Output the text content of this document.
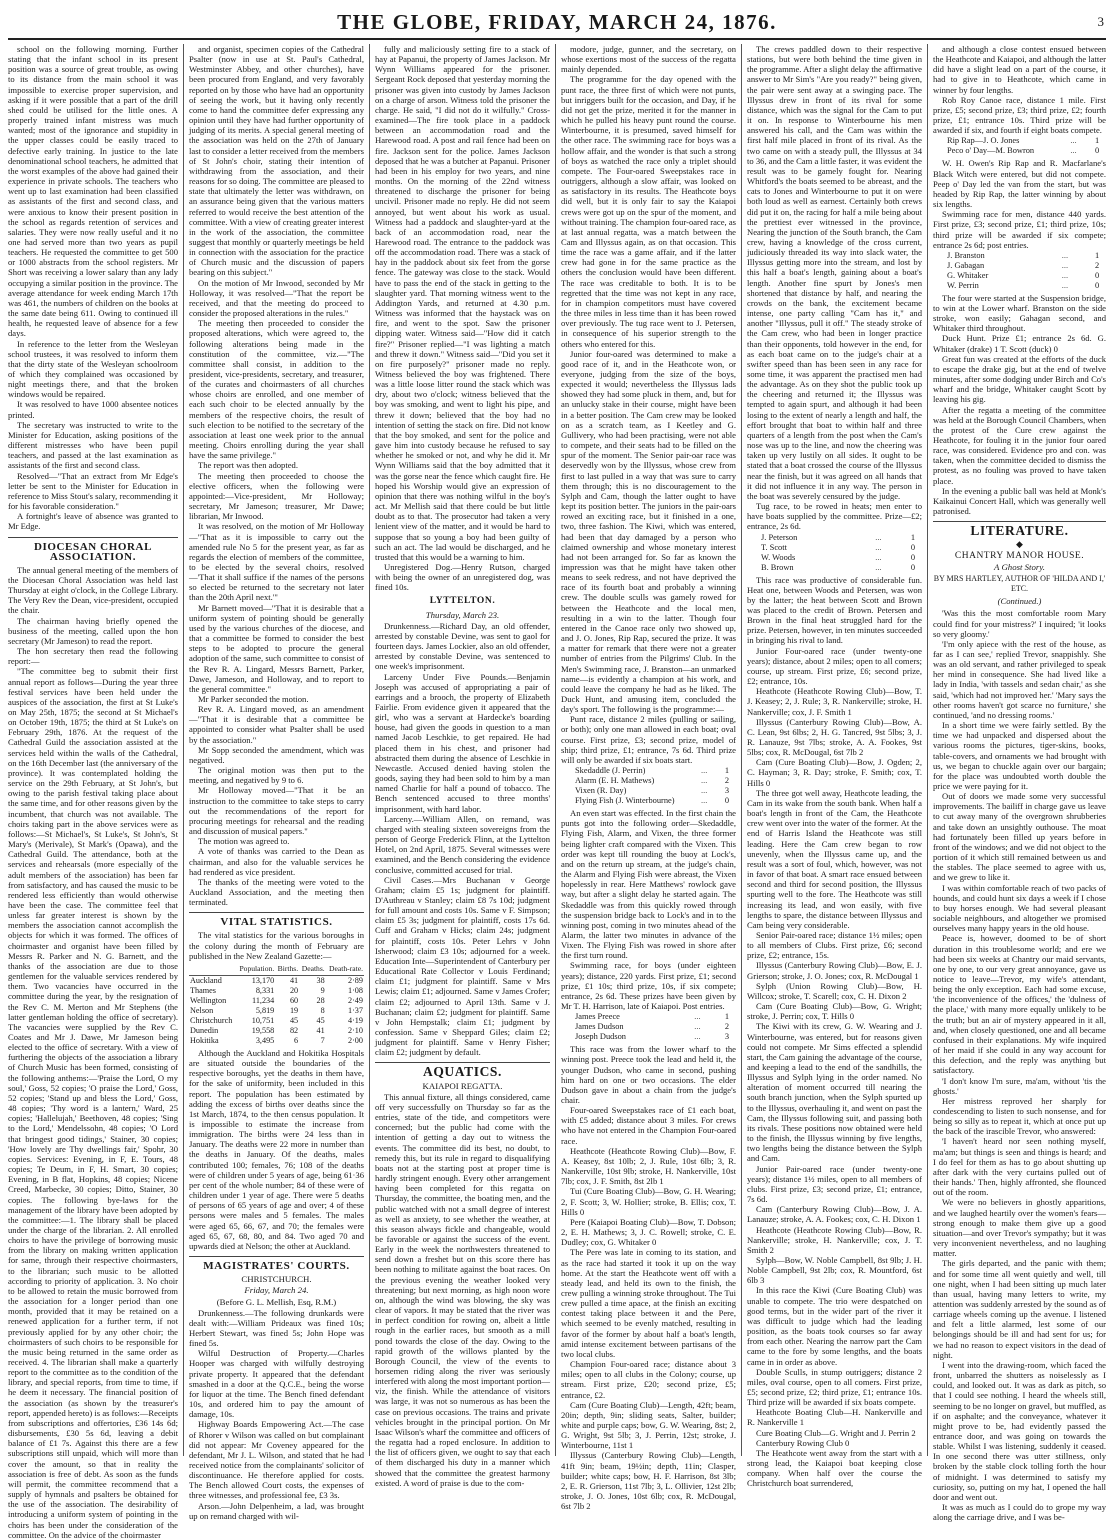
THE GLOBE, FRIDAY, MARCH 24, 1876.	3

school on the following morning. Further stating that the infant school in its present position was a source of great trouble, as owing to its distance from the main school it was impossible to exercise proper supervision, and asking if it were possible that a part of the drill shed could be utilised for the little ones. A properly trained infant mistress was much wanted; most of the ignorance and stupidity in the upper classes could be easily traced to defective early training. In justice to the late denominational school teachers, he admitted that the worst examples of the above had gained their experience in private schools. The teachers who went up to last examination had been classified as assistants of the first and second class, and were anxious to know their present position in the school as regards retention of services and salaries. They were now really useful and it no one had served more than two years as pupil teachers. He requested the committee to get 500 or 1000 abstracts from the school registers. Mr Short was receiving a lower salary than any lady occupying a similar position in the province. The average attendance for week ending March 17th was 461, the numbers of children on the books at the same date being 611. Owing to continued ill health, he requested leave of absence for a few days.

In reference to the letter from the Wesleyan school trustees, it was resolved to inform them that the dirty state of the Wesleyan schoolroom of which they complained was occasioned by night meetings there, and that the broken windows would be repaired.

It was resolved to have 1000 absentee notices printed.

The secretary was instructed to write to the Minister for Education, asking positions of the different mistresses who have been pupil teachers, and passed at the last examination as assistants of the first and second class.

Resolved—"That an extract from Mr Edge's letter be sent to the Minister for Education in reference to Miss Stout's salary, recommending it for his favorable consideration."

A fortnight's leave of absence was granted to Mr Edge.

DIOCESAN CHORAL ASSOCIATION.

The annual general meeting of the members of the Diocesan Choral Association was held last Thursday at eight o'clock, in the College Library. The Very Rev the Dean, vice-president, occupied the chair.

The chairman having briefly opened the business of the meeting, called upon the hon secretary (Mr Jameson) to read the report.

The hon secretary then read the following report:—

"The committee beg to submit their first annual report as follows—During the year three festival services have been held under the auspices of the association, the first at St Luke's on May 25th, 1875; the second at St Michael's on October 19th, 1875; the third at St Luke's on February 29th, 1876. At the request of the Cathedral Guild the association assisted at the services held within the walls of the Cathedral, on the 16th December last (the anniversary of the province). It was contemplated holding the service on the 29th February, at St John's, but owing to the parish festival taking place about the same time, and for other reasons given by the incumbent, that church was not available. The choirs taking part in the above services were as follows:—St Michael's, St Luke's, St John's, St Mary's (Merivale), St Mark's (Opawa), and the Cathedral Guild. The attendance, both at the services and rehearsals (more especially of the adult members of the association) has been far from satisfactory, and has caused the music to be rendered less efficiently than would otherwise have been the case. The committee feel that unless far greater interest is shown by the members the association cannot accomplish the objects for which it was formed. The offices of choirmaster and organist have been filled by Messrs R. Parker and N. G. Barnett, and the thanks of the association are due to those gentlemen for the valuable services rendered by them. Two vacancies have occurred in the committee during the year, by the resignation of the Rev C. M. Merton and Mr Stephens (the latter gentleman holding the office of secretary). The vacancies were supplied by the Rev C. Coates and Mr J. Dawe, Mr Jameson being elected to the office of secretary. With a view of furthering the objects of the association a library of Church Music has been formed, consisting of the following anthems:—'Praise the Lord, O my soul,' Goss, 52 copies; 'O praise the Lord,' Goss, 52 copies; 'Stand up and bless the Lord,' Goss, 48 copies; 'Thy word is a lantern,' Ward, 25 copies; 'Hallelujah,' Beethoven, 48 copies; 'Sing to the Lord,' Mendelssohn, 48 copies; 'O Lord that bringest good tidings,' Stainer, 30 copies; 'How lovely are Thy dwellings fair,' Spohr, 30 copies. Services: Evening, in F, E. Tours, 48 copies; Te Deum, in F, H. Smart, 30 copies; Evening, in B flat, Hopkins, 48 copies; Nicene Creed, Marbecke, 30 copies; Ditto, Stainer, 30 copies. The following bye-laws for the management of the library have been adopted by the committee:—1. The library shall be placed under the charge of the librarian. 2. All enrolled choirs to have the privilege of borrowing music from the library on making written application for same, through their respective choirmasters, to the librarian; such music to be allotted according to priority of application. 3. No choir to be allowed to retain the music borrowed from the association for a longer period than one month, provided that it may be retained on a renewed application for a further term, if not previously applied for by any other choir; the choirmasters of such choirs to be responsible for the music being returned in the same order as received. 4. The librarian shall make a quarterly report to the committee as to the condition of the library, and special reports, from time to time, if he deem it necessary. The financial position of the association (as shown by the treasurer's report, appended hereto) is as follows:—Receipts from subscriptions and offertories, £36 14s 6d; disbursements, £30 5s 6d, leaving a debit balance of £1 7s. Against this there are a few subscriptions still unpaid, which will more than cover the amount, so that in reality the association is free of debt. As soon as the funds will permit, the committee recommend that a supply of hymnals and psalters be obtained for the use of the association. The desirability of introducing a uniform system of pointing in the choirs has been under the consideration of the committee. On the advice of the choirmaster

and organist, specimen copies of the Cathedral Psalter (now in use at St. Paul's Cathedral, Westminster Abbey, and other churches), have been procured from England, and very favorably reported on by those who have had an opportunity of seeing the work, but it having only recently come to hand the committee defer expressing any opinion until they have had further opportunity of judging of its merits. A special general meeting of the association was held on the 27th of January last to consider a letter received from the members of St John's choir, stating their intention of withdrawing from the association, and their reasons for so doing. The committee are pleased to state that ultimately the letter was withdrawn, on an assurance being given that the various matters referred to would receive the best attention of the committee. With a view of creating greater interest in the work of the association, the committee suggest that monthly or quarterly meetings be held in connection with the association for the practice of Church music and the discussion of papers bearing on this subject."

On the motion of Mr Inwood, seconded by Mr Holloway, it was resolved—"That the report be received, and that the meeting do proceed to consider the proposed alterations in the rules."

The meeting then proceeded to consider the proposed alterations, which were agreed to, the following alterations being made in the constitution of the committee, viz.—"The committee shall consist, in addition to the president, vice-presidents, secretary, and treasurer, of the curates and choirmasters of all churches whose choirs are enrolled, and one member of each such choir to be elected annually by the members of the respective choirs, the result of such election to be notified to the secretary of the association at least one week prior to the annual meeting. Choirs enrolling during the year shall have the same privilege."

The report was then adopted.

The meeting then proceeded to choose the elective officers, when the following were appointed:—Vice-president, Mr Holloway; secretary, Mr Jameson; treasurer, Mr Dawe; librarian, Mr Inwood.

It was resolved, on the motion of Mr Holloway—"That as it is impossible to carry out the amended rule No 5 for the present year, as far as regards the election of members of the committee, to be elected by the several choirs, resolved—'That it shall suffice if the names of the persons so elected be returned to the secretary not later than the 20th April next.'"

Mr Barnett moved—"That it is desirable that a uniform system of pointing should be generally used by the various churches of the diocese, and that a committee be formed to consider the best steps to be adopted to procure the general adoption of the same, such committee to consist of the Rev R. A. Lingard, Messrs Barnett, Parker, Dawe, Jameson, and Holloway, and to report to the general committee."

Mr Parker seconded the motion.

Rev R. A. Lingard moved, as an amendment—"That it is desirable that a committee be appointed to consider what Psalter shall be used by the association."

Mr Sopp seconded the amendment, which was negatived.

The original motion was then put to the meeting, and negatived by 9 to 6.

Mr Holloway moved—"That it be an instruction to the committee to take steps to carry out the recommendations of the report for procuring meetings for rehearsal and the reading and discussion of musical papers."

The motion was agreed to.

A vote of thanks was carried to the Dean as chairman, and also for the valuable services he had rendered as vice president.

The thanks of the meeting were voted to the Auckland Association, and the meeting then terminated.

VITAL STATISTICS.

The vital statistics for the various boroughs in the colony during the month of February are published in the New Zealand Gazette:—

	Population.	Births.	Deaths.	Death-rate.
Auckland	13,170	41	38	2·89
Thames	8,331	20	9	1·08
Wellington	11,234	60	28	2·49
Nelson	5,819	19	8	1·37
Christchurch	10,751	45	45	4·19
Dunedin	19,558	82	41	2·10
Hokitika	3,495	6	7	2·00

Although the Auckland and Hokitika Hospitals are situated outside the boundaries of the respective boroughs, yet the deaths in them have, for the sake of uniformity, been included in this report. The population has been estimated by adding the excess of births over deaths since the 1st March, 1874, to the then census population. It is impossible to estimate the increase from immigration. The births were 24 less than in January. The deaths were 22 more in number than the deaths in January. Of the deaths, males contributed 100; females, 76; 108 of the deaths were of children under 5 years of age, being 61·36 per cent of the whole number; 84 of these were of children under 1 year of age. There were 5 deaths of persons of 65 years of age and over; 4 of these persons were males and 5 females. The males were aged 65, 66, 67, and 70; the females were aged 65, 67, 68, 80, and 84. Two aged 70 and upwards died at Nelson; the other at Auckland.

MAGISTRATES' COURTS.
CHRISTCHURCH.
Friday, March 24.
(Before G. L. Mellish, Esq, R.M.)

Drunkenness.—The following drunkards were dealt with:—William Prideaux was fined 10s; Herbert Stewart, was fined 5s; John Hope was fined 5s.

Wilful Destruction of Property.—Charles Hooper was charged with wilfully destroying private property. It appeared that the defendant smashed in a door at the Q.C.E., being the worse for liquor at the time. The Bench fined defendant 10s, and ordered him to pay the amount of damage, 10s.

Highway Boards Empowering Act.—The case of Rhorer v Wilson was called on but complainant did not appear: Mr Coveney appeared for the defendant, Mr J. L. Wilson, and stated that he had received notice from the complainants' solicitor of discontinuance. He therefore applied for costs. The Bench allowed Court costs, the expenses of three witnesses, and professional fee, £3 3s.

Arson.—John Delpenheim, a lad, was brought up on remand charged with wil-

fully and maliciously setting fire to a stack of hay at Papanui, the property of James Jackson. Mr Wynn Williams appeared for the prisoner. Sergeant Rock deposed that yesterday morning the prisoner was given into custody by James Jackson on a charge of arson. Witness told the prisoner the charge. He said, "I did not do it wilfully." Cross-examined—The fire took place in a paddock between an accommodation road and the Harewood road. A post and rail fence had been on fire. Jackson sent for the police. James Jackson deposed that he was a butcher at Papanui. Prisoner had been in his employ for two years, and nine months. On the morning of the 22nd witness threatened to discharge the prisoner for being uncivil. Prisoner made no reply. He did not seem annoyed, but went about his work as usual. Witness had a paddock and slaughter-yard at the back of an accommodation road, near the Harewood road. The entrance to the paddock was off the accommodation road. There was a stack of hay in the paddock about six feet from the gorse fence. The gateway was close to the stack. Would have to pass the end of the stack in getting to the slaughter yard. That morning witness went to the Addington Yards, and returned at 4.30 p.m. Witness was informed that the haystack was on fire, and went to the spot. Saw the prisoner dipping water. Witness said—"How did it catch fire?" Prisoner replied—"I was lighting a match and threw it down." Witness said—"Did you set it on fire purposely?" prisoner made no reply. Witness believed the boy was frightened. There was a little loose litter round the stack which was dry, about two o'clock; witness believed that the boy was smoking, and went to light his pipe, and threw it down; believed that the boy had no intention of setting the stack on fire. Did not know that the boy smoked, and sent for the police and gave him into custody because he refused to say whether he smoked or not, and why he did it. Mr Wynn Williams said that the boy admitted that it was the gorse near the fence which caught fire. He hoped his Worship would give an expression of opinion that there was nothing wilful in the boy's act. Mr Mellish said that there could be but little doubt as to that. The prosecutor had taken a very lenient view of the matter, and it would be hard to suppose that so young a boy had been guilty of such an act. The lad would be discharged, and he trusted that this would be a warning to him.

Unregistered Dog.—Henry Rutson, charged with being the owner of an unregistered dog, was fined 10s.

LYTTELTON.
Thursday, March 23.

Drunkenness.—Richard Day, an old offender, arrested by constable Devine, was sent to gaol for fourteen days. James Lockier, also an old offender, arrested by constable Devine, was sentenced to one week's imprisonment.

Larceny Under Five Pounds.—Benjamin Joseph was accused of appropriating a pair of earrings and a brooch, the property of Elizabeth Fairlie. From evidence given it appeared that the girl, who was a servant at Hardecke's boarding house, had given the goods in question to a man named Jacob Leschkie, to get repaired. He had placed them in his chest, and prisoner had abstracted them during the absence of Leschkie in Newcastle. Accused denied having stolen the goods, saying they had been sold to him by a man named Charlie for half a pound of tobacco. The Bench sentenced accused to three months' imprisonment, with hard labor.

Larceny.—William Allen, on remand, was charged with stealing sixteen sovereigns from the person of George Frederick Flinn, at the Lyttelton Hotel, on 2nd April, 1875. Several witnesses were examined, and the Bench considering the evidence conclusive, committed accused for trial.

Civil Cases.—Mrs Buchanan v George Graham; claim £5 1s; judgment for plaintiff. D'Authreau v Stanley; claim £8 7s 10d; judgment for full amount and costs 10s. Same v F. Simpson; claim £5 3s; judgment for plaintiff, costs 17s 6d. Cuff and Graham v Hicks; claim 24s; judgment for plaintiff, costs 10s. Peter Lehrs v John Isherwood; claim £3 10s; adjourned for a week. Education Inte—Superintendent of Canterbury per Educational Rate Collector v Louis Ferdinand; claim £1; judgment for plaintiff. Same v Mrs Lewis; claim £1; adjourned. Same v James Crofer; claim £2; adjourned to April 13th. Same v J. Buchanan; claim £2; judgment for plaintiff. Same v John Hempstalk; claim £1; judgment by confession. Same v Sheppard Giles; claim £2; judgment for plaintiff. Same v Henry Fisher; claim £2; judgment by default.

AQUATICS.
KAIAPOI REGATTA.

This annual fixture, all things considered, came off very successfully on Thursday so far as the entries, state of the tide, and competitors were concerned; but the public had come with the intention of getting a day out to witness the events. The committee did its best, no doubt, to remedy this, but its rule in regard to disqualifying boats not at the starting post at proper time is hardly stringent enough. Every other arrangement having been completed for this regatta on Thursday, the committee, the boating men, and the public watched with not a small degree of interest as well as anxiety, to see whether the weather, at this season always fickle and changeable, would be favorable or against the success of the event. Early in the week the northwesters threatened to send down a freshet but on this score there has been nothing to militate against the boat races. On the previous evening the weather looked very threatening; but next morning, as high noon wore on, although the wind was blowing, the sky was clear of vapors. It may be stated that the river was in perfect condition for rowing on, albeit a little rough in the earlier races, but smooth as a mill pond towards the close of the day. Owing to the rapid growth of the willows planted by the Borough Council, the view of the events to horsemen riding along the river was seriously interfered with along the most important portion—viz, the finish. While the attendance of visitors was large, it was not so numerous as has been the case on previous occasions. The trains and private vehicles brought in the principal portion. On Mr Isaac Wilson's wharf the committee and officers of the regatta had a roped enclosure. In addition to the list of officers given, we ought to say that each of them discharged his duty in a manner which showed that the committee the greatest harmony existed. A word of praise is due to the com-

modore, judge, gunner, and the secretary, on whose exertions most of the success of the regatta mainly depended.

The programme for the day opened with the punt race, the three first of which were not punts, but inriggers built for the occasion, and Day, if he did not get the prize, merited it for the manner in which he pulled his heavy punt round the course. Winterbourne, it is presumed, saved himself for the other race. The swimming race for boys was a hollow affair, and the wonder is that such a strong of boys as watched the race only a triplet should compete. The Four-oared Sweepstakes race in outriggers, although a slow affair, was looked on as satisfactory in its results. The Heathcote boys did well, but it is only fair to say the Kaiapoi crews were got up on the spur of the moment, and without training. The champion four-oared race, as at last annual regatta, was a match between the Cam and Illyssus again, as on that occasion. This time the race was a game affair, and if the latter crew had gone in for the same practice as the others the conclusion would have been different. The race was creditable to both. It is to be regretted that the time was not kept in any race, for in champion competitors must have covered the three miles in less time than it has been rowed over previously. The tug race went to J. Petersen, in consequence of his superior strength to the others who entered for this.

Junior four-oared was determined to make a good race of it, and in the Heathcote won, or everyone, judging from the size of the boys, expected it would; nevertheless the Illyssus lads showed they had some pluck in them, and, but for an unlucky stake in their course, might have been in a better position. The Cam crew may be looked on as a scratch team, as I Keetley and G. Gullivery, who had been practising, were not able to compete, and their seats had to be filled on the spur of the moment. The Senior pair-oar race was deservedly won by the Illyssus, whose crew from first to last pulled in a way that was sure to carry them through; this is no discouragement to the Sylph and Cam, though the latter ought to have kept its position better. The juniors in the pair-oars rowed an exciting race, but it finished in a one, two, three fashion. The Kiwi, which was entered, had been that day damaged by a person who claimed ownership and whose monetary interest had not been arranged for. So far as known the impression was that he might have taken other means to seek redress, and not have deprived the race of its fourth boat and probably a winning crew. The double sculls was gamely rowed for between the Heathcote and the local men, resulting in a win to the latter. Though four entered in the Canoe race only two showed up, and J. O. Jones, Rip Rap, secured the prize. It was a matter for remark that there were not a greater number of entries from the Pilgrims' Club. In the Men's Swimming race, J. Branston—an unmarked name—is evidently a champion at his work, and could leave the company he had as he liked. The Duck Hunt, and amusing item, concluded the day's sport. The following is the programme:—

Punt race, distance 2 miles (pulling or sailing, or both); only one man allowed in each boat; oval course. First prize, £3; second prize, model of ship; third prize, £1; entrance, 7s 6d. Third prize will only be awarded if six boats start.

Skedaddle (J. Perrin)	...	1
Alarm (E. H. Mathews)	...	2
Vixen (R. Day)	...	3
Flying Fish (J. Winterbourne)	...	0

An even start was effected. In the first chain the punts got into the following order—Skedaddle, Flying Fish, Alarm, and Vixen, the three former being lighter craft compared with the Vixen. This order was kept till rounding the buoy at Lock's, and on the return up stream, at the judge's chain, the Alarm and Flying Fish were abreast, the Vixen hopelessly in rear. Here Matthews' rowlock gave way, but after a slight delay he started again. The Skedaddle was from this quickly rowed through the suspension bridge back to Lock's and in to the winning post, coming in two minutes ahead of the Alarm, the latter two minutes in advance of the Vixen. The Flying Fish was rowed in shore after the first turn round.

Swimming race, for boys (under eighteen years); distance, 220 yards. First prize, £1; second prize, £1 10s; third prize, 10s, if six compete; entrance, 2s 6d. These prizes have been given by Mr T. H. Harrison, late of Kaiapoi. Post entries.

James Preece	...	1
James Dudson	...	2
Joseph Dudson	...	3

This race was from the lower wharf to the winning post. Preece took the lead and held it, the younger Dudson, who came in second, pushing him hard on one or two occasions. The elder Dudson gave in about a chain from the judge's chair.

Four-oared Sweepstakes race of £1 each boat, with £5 added; distance about 3 miles. For crews who have not entered in the Champion Four-oared race.

Heathcote (Heathcote Rowing Club)—Bow, F. A. Keasey, 8st 10lb; 2, J. Rule, 10st 6lb; 3, R. Nankerville, 10st 9lb; stroke, H. Nankerville, 10st 7lb; cox, J. F. Smith, 8st 2lb 1

Tui (Cure Boating Club)—Bow, G. H. Wearing; 2, F. Scott; 3, W. Hollier; stroke, B. Ellis; cox, T. Hills 0

Pere (Kaiapoi Boating Club)—Bow, T. Dobson; 2, E. H. Mathews; 3, J. C. Rowell; stroke, C. E. Dudley; cox, G. Whitaker 0

The Pere was late in coming to its station, and as the race had started it took it up on the way home. At the start the Heathcote went off with a steady lead, and held its own to the finish, the crew pulling a winning stroke throughout. The Tui crew pulled a time apace, at the finish an exciting contest taking place between it and the Pere, which seemed to be evenly matched, resulting in favor of the former by about half a boat's length, amid intense excitement between partisans of the two local clubs.

Champion Four-oared race; distance about 3 miles; open to all clubs in the Colony; course, up stream. First prize, £20; second prize, £5; entrance, £2.

Cam (Cure Boating Club)—Length, 42ft; beam, 20in; depth, 9in; sliding seats, Salter, builder; white and purple caps; bow, G. W. Wearing, 8st; 2, G. Wright, 9st 5lb; 3, J. Perrin, 12st; stroke, J. Winterbourne, 11st 1

Illyssus (Canterbury Rowing Club)—Length, 41ft 9in; beam, 19½in; depth, 11in; Clasper, builder; white caps; bow, H. F. Harrison, 8st 3lb; 2, E. R. Grierson, 11st 7lb; 3, L. Ollivier, 12st 2lb; stroke, J. O. Jones, 10st 6lb; cox, R. McDougal, 6st 7lb 2

The crews paddled down to their respective stations, but were both behind the time given in the programme. After a slight delay the affirmative answer to Mr Sim's "Are you ready?" being given, the pair were sent away at a swinging pace. The Illyssus drew in front of its rival for some distance, which was the signal for the Cam to put it on. In response to Winterbourne his men answered his call, and the Cam was within the first half mile placed in front of its rival. As the two came on with a steady pull, the Illyssus at 34 to 36, and the Cam a little faster, it was evident the result was to be gamely fought for. Nearing Whitford's the boats seemed to be abreast, and the cats to Jones and Winterbourne to put it on were both loud as well as earnest. Certainly both crews did put it on, the racing for half a mile being about the prettiest ever witnessed in the province, Nearing the junction of the South branch, the Cam crew, having a knowledge of the cross current, judiciously threaded its way into slack water, the Illyssus getting more into the stream, and lost by this half a boat's length, gaining about a boat's length. Another fine spurt by Jones's men shortened that distance by half, and nearing the crowds on the bank, the excitement became intense, one party calling "Cam has it," and another "Illyssus, pull it off." The steady stroke of the Cam crew, who had been in longer practice than their opponents, told however in the end, for as each boat came on to the judge's chair at a swifter speed than has been seen in any race for some time, it was apparent the practised men had the advantage. As on they shot the public took up the cheering and returned it; the Illyssus was tempted to again spurt, and although it had been losing to the extent of nearly a length and half, the effort brought that boat to within half and three quarters of a length from the post when the Cam's nose was up to the line, and now the cheering was taken up very lustily on all sides. It ought to be stated that a boat crossed the course of the Illyssus near the finish, but it was agreed on all hands that it did not influence it in any way. The person in the boat was severely censured by the judge.

Tug race, to be rowed in heats; men enter to have boats supplied by the committee. Prize—£2; entrance, 2s 6d.

J. Peterson	...	1
T. Scott	...	0
W. Woods	...	0
B. Brown	...	0

This race was productive of considerable fun. Heat one, between Woods and Petersen, was won by the latter; the heat between Scott and Brown was placed to the credit of Brown. Petersen and Brown in the final heat struggled hard for the prize. Petersen, however, in ten minutes succeeded in bringing his rival to land.

Junior Four-oared race (under twenty-one years); distance, about 2 miles; open to all comers; course, up stream. First prize, £6; second prize, £2; entrance, 10s.

Heathcote (Heathcote Rowing Club)—Bow, T. J. Keasey; 2, J. Rule; 3, R. Nankerville; stroke, H. Nankerville; cox, J. F. Smith 1

Illyssus (Canterbury Rowing Club)—Bow, A. C. Lean, 9st 6lbs; 2, H. G. Tancred, 9st 5lbs; 3, J. R. Lanauze, 9st 7lbs; stroke, A. A. Fookes, 9st 5lbs; cox, R. McDougal, 6st 7lb 2

Cam (Cure Boating Club)—Bow, J. Ogden; 2, C. Hayman; 3, R. Day; stroke, F. Smith; cox, T. Hills 0

The three got well away, Heathcote leading, the Cam in its wake from the south bank. When half a boat's length in front of the Cam, the Heathcote crew went over into the water of the former. At the end of Harris Island the Heathcote was still leading. Here the Cam crew began to row unevenly, when the Illyssus came up, and the result was a sort of foul, which, however, was not in favor of that boat. A smart race ensued between second and third for second position, the Illyssus spurting well to the fore. The Heathcote was still increasing its lead, and won easily, with five lengths to spare, the distance between Illyssus and Cam being very considerable.

Senior Pair-oared race; distance 1½ miles; open to all members of Clubs. First prize, £6; second prize, £2; entrance, 15s.

Illyssus (Canterbury Rowing Club)—Bow, E. J. Grierson; stroke, J. O. Jones; cox, R. McDougal 1

Sylph (Union Rowing Club)—Bow, H. Willcox; stroke, T. Scarell; cox, C. H. Dixon 2

Cam (Cure Boating Club)—Bow, G. Wright; stroke, J. Perrin; cox, T. Hills 0

The Kiwi with its crew, G. W. Wearing and J. Winterbourne, was entered, but for reasons given could not compete. Mr Sims effected a splendid start, the Cam gaining the advantage of the course, and keeping a lead to the end of the sandhills, the Illyssus and Sylph lying in the order named. No alteration of moment occurred till nearing the south branch junction, when the Sylph spurted up to the Illyssus, overhauling it, and went on past the Cam, the Illyssus following suit, and passing both its rivals. These positions now obtained were held to the finish, the Illyssus winning by five lengths, two lengths being the distance between the Sylph and Cam.

Junior Pair-oared race (under twenty-one years); distance 1½ miles, open to all members of clubs. First prize, £3; second prize, £1; entrance, 7s 6d.

Cam (Canterbury Rowing Club)—Bow, J. A. Lanauze; stroke, A. A. Fookes; cox, C. H. Dixon 1

Heathcote (Heathcote Rowing Club)—Bow, R. Nankerville; stroke, H. Nankerville; cox, J. T. Smith 2

Sylph—Bow, W. Noble Campbell, 8st 9lb; J. H. Noble Campbell, 9st 2lb; cox, R. Mountford, 6st 6lb 3

In this race the Kiwi (Cure Boating Club) was unable to compete. The trio were despatched on good terms, but in the wider part of the river it was difficult to judge which had the leading position, as the boats took courses so far away from each other. Nearing the narrow part the Cam came to the fore by some lengths, and the boats came in in order as above.

Double Sculls, in stump outriggers; distance 2 miles, oval course, open to all comers. First prize, £5; second prize, £2; third prize, £1; entrance 10s. Third prize will be awarded if six boats compete.

Heathcote Boating Club—H. Nankerville and R. Nankerville 1

Cure Boating Club—G. Wright and J. Perrin 2

Canterbury Rowing Club 0

The Heathcote went away from the start with a strong lead, the Kaiapoi boat keeping close company. When half over the course the Christchurch boat surrendered,

and although a close contest ensued between the Heathcote and Kaiapoi, and although the latter did have a slight lead on a part of the course, it had to give in to Heathcote, which came in winner by four lengths.

Rob Roy Canoe race, distance 1 mile. First prize, £5; second prize, £3; third prize, £2; fourth prize, £1; entrance 10s. Third prize will be awarded if six, and fourth if eight boats compete.

Rip Rap—J. O. Jones	...	1
Peco o' Day—M. Bowron	...	0

W. H. Owen's Rip Rap and R. Macfarlane's Black Witch were entered, but did not compete. Peep o' Day led the van from the start, but was headed by Rip Rap, the latter winning by about six lengths.

Swimming race for men, distance 440 yards. First prize, £3; second prize, £1; third prize, 10s; third prize will be awarded if six compete; entrance 2s 6d; post entries.

J. Branston	...	1
J. Gabagan	...	2
G. Whitaker	...	0
W. Perrin	...	0

The four were started at the Suspension bridge, to win at the Lower wharf. Branston on the side stroke, won easily; Gahagan second, and Whitaker third throughout.

Duck Hunt. Prize £1; entrance 2s 6d. G. Whitaker (drake) 1 T. Scott (duck) 0

Great fun was created at the efforts of the duck to escape the drake gig, but at the end of twelve minutes, after some dodging under Birch and Co's wharf and the bridge, Whitaker caught Scott by leaving his gig.

After the regatta a meeting of the committee was held at the Borough Council Chambers, when the protest of the Cure crew against the Heathcote, for fouling it in the junior four oared race, was considered. Evidence pro and con. was taken, when the committee decided to dismiss the protest, as no fouling was proved to have taken place.

In the evening a public ball was held at Monk's Kaikainui Concert Hall, which was generally well patronised.

LITERATURE.
◆
CHANTRY MANOR HOUSE.
A Ghost Story.
BY MRS HARTLEY, AUTHOR OF 'HILDA AND I,' ETC.
(Continued.)

'Was this the most comfortable room Mary could find for your mistress?' I inquired; 'it looks so very gloomy.'

'I'm only apiece with the rest of the house, as far as I can see,' replied Trevor, snappishly. She was an old servant, and rather privileged to speak her mind in consequence. She had lived like a lady in India, 'with tassels and sedan chair,' as she said, 'which had not improved her.' 'Mary says the other rooms haven't got scarce no furniture,' she continued, 'and no dressing rooms.'

In a short time we were fairly settled. By the time we had unpacked and dispersed about the various rooms the pictures, tiger-skins, books, table-covers, and ornaments we had brought with us, we began to chuckle again over our bargain; for the place was undoubted worth double the price we were paying for it.

Out of doors we made some very successful improvements. The bailiff in charge gave us leave to cut away many of the overgrown shrubberies and take down an unsightly outhouse. The moat had fortunately been filled up years before in front of the windows; and we did not object to the portion of it which still remained between us and the stables. The place seemed to agree with us, and we grew to like it.

I was within comfortable reach of two packs of hounds, and could hunt six days a week if I chose to buy horses enough. We had several pleasant sociable neighbours, and altogether we promised ourselves many happy years in the old house.

Peace is, however, doomed to be of short duration in this troublesome world; and ere we had been six weeks at Chantry our maid servants, one by one, to our very great annoyance, gave us notice to leave—Trevor, my wife's attendant, being the only exception. Each had some excuse, 'the inconvenience of the offices,' the 'dulness of the place,' with many more equally unlikely to be the truth; but an air of mystery appeared in it all, and, when closely questioned, one and all became confused in their explanations. My wife inquired of her maid if she could in any way account for this defection, and the reply was anything but satisfactory.

'I don't know I'm sure, ma'am, without 'tis the ghosts.'

Her mistress reproved her sharply for condescending to listen to such nonsense, and for being so silly as to repeat it, which at once put up the back of the irascible Trevor, who answered:

'I haven't heard nor seen nothing myself, ma'am; but things is seen and things is heard; and I do feel for them as has to go about shutting up after dark with the very curtains pulled out of their hands.' Then, highly affronted, she flounced out of the room.

We were no believers in ghostly apparitions, and we laughed heartily over the women's fears—strong enough to make them give up a good situation—and over Trevor's sympathy; but it was very inconvenient nevertheless, and no laughing matter.

The girls departed, and the panic with them; and for some time all went quietly and well, till one night, when I had been sitting up much later than usual, having many letters to write, my attention was suddenly arrested by the sound as of carriage wheels coming up the avenue. I listened and felt a little alarmed, lest some of our belongings should be ill and had sent for us; for we had no reason to expect visitors in the dead of night.

I went into the drawing-room, which faced the front, unbarred the shutters as noiselessly as I could, and looked out. It was as dark as pitch, so that I could see nothing. I heard the wheels still, seeming to be no longer on gravel, but muffled, as if on asphalte; and the conveyance, whatever it might prove to be, had evidently passed the entrance door, and was going on towards the stable. Whilst I was listening, suddenly it ceased. In one second there was utter stillness, only broken by the stable clock tolling forth the hour of midnight. I was determined to satisfy my curiosity, so, putting on my hat, I opened the hall door and went out.

It was as much as I could do to grope my way along the carriage drive, and I was be-
